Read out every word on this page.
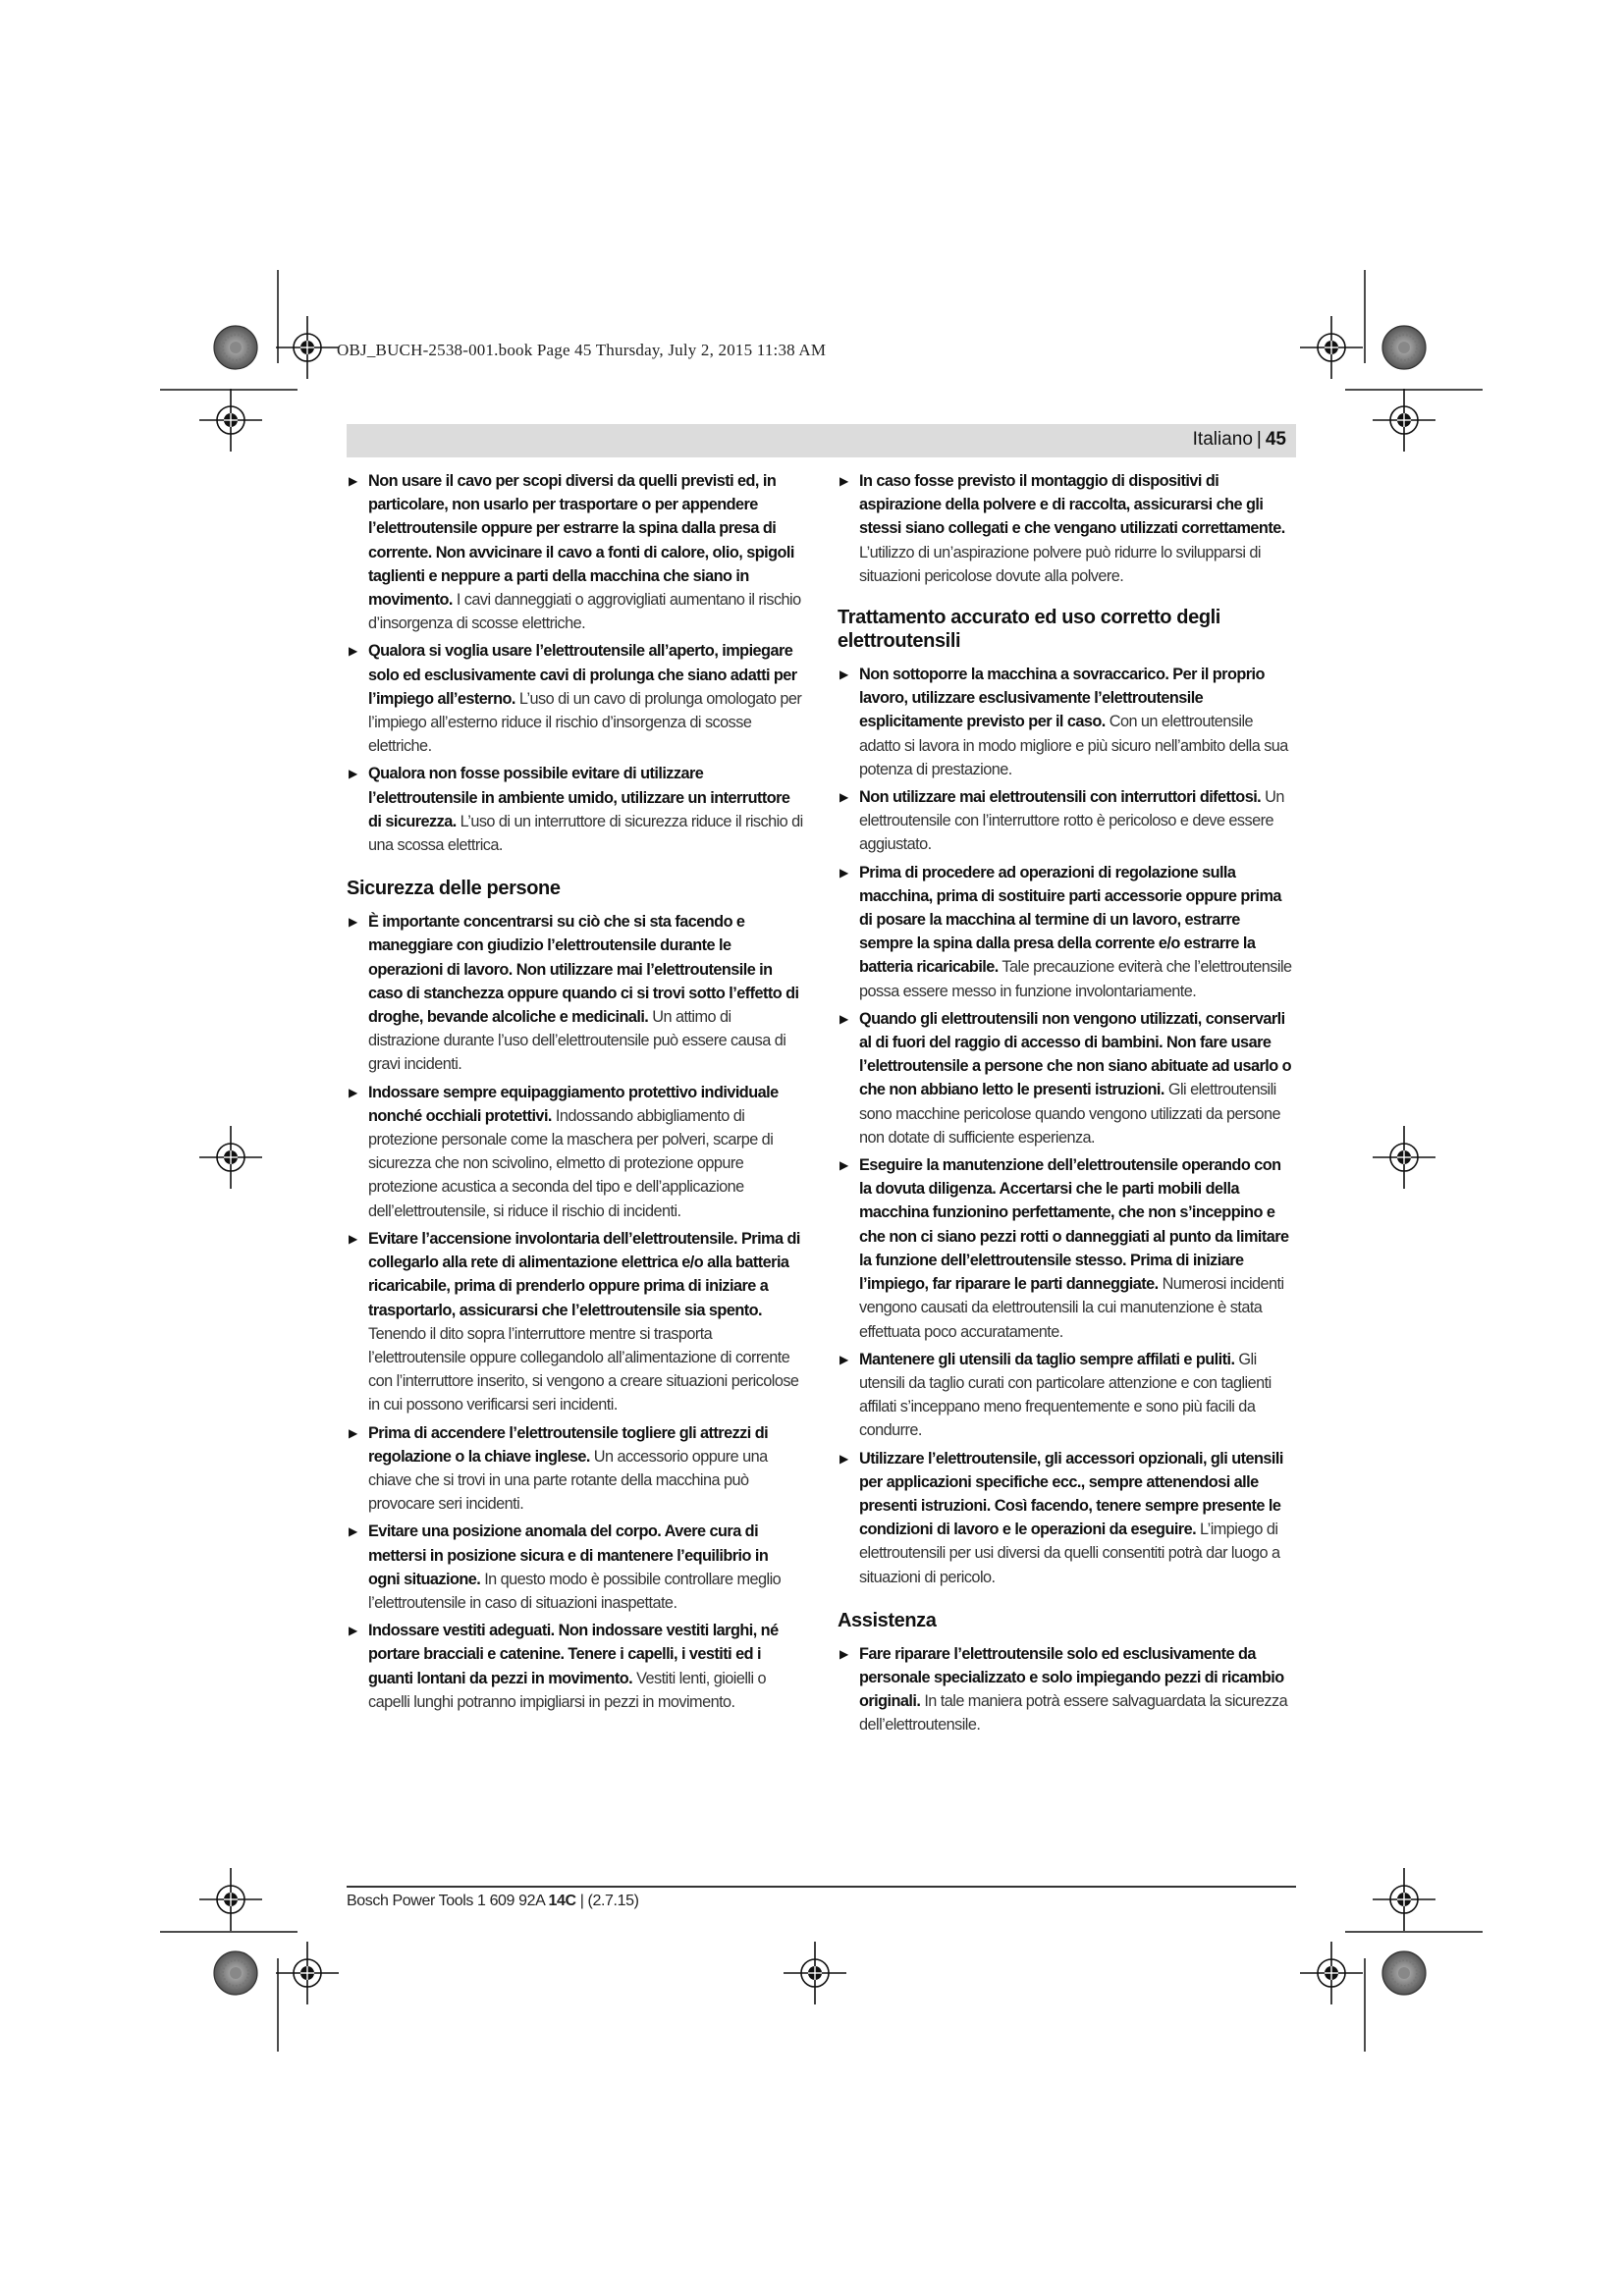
OBJ_BUCH-2538-001.book Page 45 Thursday, July 2, 2015 11:38 AM
Italiano | 45
▶ Non usare il cavo per scopi diversi da quelli previsti ed, in particolare, non usarlo per trasportare o per appendere l’elettroutensile oppure per estrarre la spina dalla presa di corrente. Non avvicinare il cavo a fonti di calore, olio, spigoli taglienti e neppure a parti della macchina che siano in movimento. I cavi danneggiati o aggrovigliati aumentano il rischio d’insorgenza di scosse elettriche.
▶ Qualora si voglia usare l’elettroutensile all’aperto, impiegare solo ed esclusivamente cavi di prolunga che siano adatti per l’impiego all’esterno. L’uso di un cavo di prolunga omologato per l’impiego all’esterno riduce il rischio d’insorgenza di scosse elettriche.
▶ Qualora non fosse possibile evitare di utilizzare l’elettroutensile in ambiente umido, utilizzare un interruttore di sicurezza. L’uso di un interruttore di sicurezza riduce il rischio di una scossa elettrica.
Sicurezza delle persone
▶ È importante concentrarsi su ciò che si sta facendo e maneggiare con giudizio l’elettroutensile durante le operazioni di lavoro. Non utilizzare mai l’elettroutensile in caso di stanchezza oppure quando ci si trovi sotto l’effetto di droghe, bevande alcoliche e medicinali. Un attimo di distrazione durante l’uso dell’elettroutensile può essere causa di gravi incidenti.
▶ Indossare sempre equipaggiamento protettivo individuale nonché occhiali protettivi. Indossando abbigliamento di protezione personale come la maschera per polveri, scarpe di sicurezza che non scivolino, elmetto di protezione oppure protezione acustica a seconda del tipo e dell’applicazione dell’elettroutensile, si riduce il rischio di incidenti.
▶ Evitare l’accensione involontaria dell’elettroutensile. Prima di collegarlo alla rete di alimentazione elettrica e/o alla batteria ricaricabile, prima di prenderlo oppure prima di iniziare a trasportarlo, assicurarsi che l’elettroutensile sia spento. Tenendo il dito sopra l’interruttore mentre si trasporta l’elettroutensile oppure collegandolo all’alimentazione di corrente con l’interruttore inserito, si vengono a creare situazioni pericolose in cui possono verificarsi seri incidenti.
▶ Prima di accendere l’elettroutensile togliere gli attrezzi di regolazione o la chiave inglese. Un accessorio oppure una chiave che si trovi in una parte rotante della macchina può provocare seri incidenti.
▶ Evitare una posizione anomala del corpo. Avere cura di mettersi in posizione sicura e di mantenere l’equilibrio in ogni situazione. In questo modo è possibile controllare meglio l’elettroutensile in caso di situazioni inaspettate.
▶ Indossare vestiti adeguati. Non indossare vestiti larghi, né portare bracciali e catenine. Tenere i capelli, i vestiti ed i guanti lontani da pezzi in movimento. Vestiti lenti, gioielli o capelli lunghi potranno impigliarsi in pezzi in movimento.
▶ In caso fosse previsto il montaggio di dispositivi di aspirazione della polvere e di raccolta, assicurarsi che gli stessi siano collegati e che vengano utilizzati correttamente. L’utilizzo di un’aspirazione polvere può ridurre lo svilupparsi di situazioni pericolose dovute alla polvere.
Trattamento accurato ed uso corretto degli elettroutensili
▶ Non sottoporre la macchina a sovraccarico. Per il proprio lavoro, utilizzare esclusivamente l’elettroutensile esplicitamente previsto per il caso. Con un elettroutensile adatto si lavora in modo migliore e più sicuro nell’ambito della sua potenza di prestazione.
▶ Non utilizzare mai elettroutensili con interruttori difettosi. Un elettroutensile con l’interruttore rotto è pericoloso e deve essere aggiustato.
▶ Prima di procedere ad operazioni di regolazione sulla macchina, prima di sostituire parti accessorie oppure prima di posare la macchina al termine di un lavoro, estrarre sempre la spina dalla presa della corrente e/o estrarre la batteria ricaricabile. Tale precauzione eviterà che l’elettroutensile possa essere messo in funzione involontariamente.
▶ Quando gli elettroutensili non vengono utilizzati, conservarli al di fuori del raggio di accesso di bambini. Non fare usare l’elettroutensile a persone che non siano abituate ad usarlo o che non abbiano letto le presenti istruzioni. Gli elettroutensili sono macchine pericolose quando vengono utilizzati da persone non dotate di sufficiente esperienza.
▶ Eseguire la manutenzione dell’elettroutensile operando con la dovuta diligenza. Accertarsi che le parti mobili della macchina funzionino perfettamente, che non s’inceppino e che non ci siano pezzi rotti o danneggiati al punto da limitare la funzione dell’elettroutensile stesso. Prima di iniziare l’impiego, far riparare le parti danneggiate. Numerosi incidenti vengono causati da elettroutensili la cui manutenzione è stata effettuata poco accuratamente.
▶ Mantenere gli utensili da taglio sempre affilati e puliti. Gli utensili da taglio curati con particolare attenzione e con taglienti affilati s’inceppano meno frequentemente e sono più facili da condurre.
▶ Utilizzare l’elettroutensile, gli accessori opzionali, gli utensili per applicazioni specifiche ecc., sempre attenendosi alle presenti istruzioni. Così facendo, tenere sempre presente le condizioni di lavoro e le operazioni da eseguire. L’impiego di elettroutensili per usi diversi da quelli consentiti potrà dar luogo a situazioni di pericolo.
Assistenza
▶ Fare riparare l’elettroutensile solo ed esclusivamente da personale specializzato e solo impiegando pezzi di ricambio originali. In tale maniera potrà essere salvaguardata la sicurezza dell’elettroutensile.
Bosch Power Tools 1 609 92A 14C | (2.7.15)
